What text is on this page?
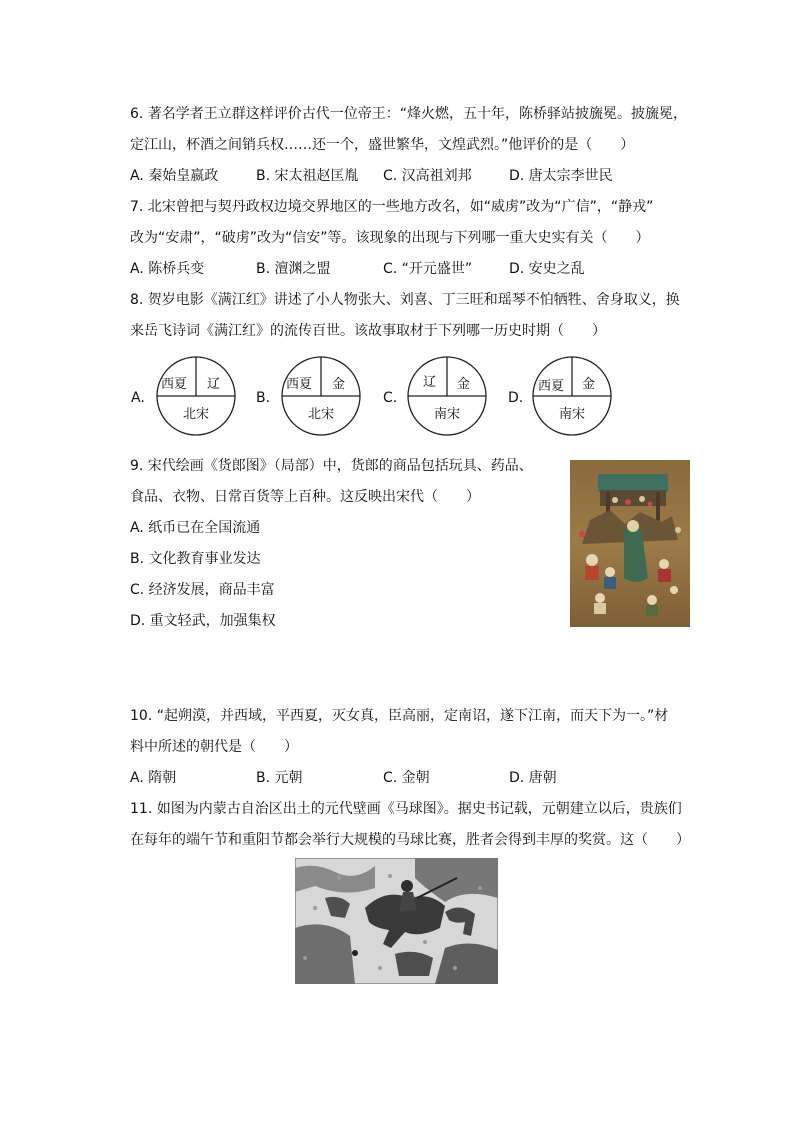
6. 著名学者王立群这样评价古代一位帝王：“烽火燃，五十年，陈桥驿站披旒冕。披旒冕，
定江山，杯酒之间销兵权……还一个，盛世繁华，文煌武烈。”他评价的是（　　）
A. 秦始皇嬴政	B. 宋太祖赵匡胤 C. 汉高祖刘邦	D. 唐太宗李世民
7. 北宋曾把与契丹政权边境交界地区的一些地方改名，如“威虏”改为“广信”，“静戎”
改为“安肃”，“破虏”改为“信安”等。该现象的出现与下列哪一重大史实有关（　　）
A. 陈桥兵变	B. 澶渊之盟	C. “开元盛世”	D. 安史之乱
8. 贺岁电影《满江红》讲述了小人物张大、刘喜、丁三旺和瑶琴不怕牺牲、舍身取义，换
来岳飞诗词《满江红》的流传百世。该故事取材于下列哪一历史时期（　　）
A.
西夏 辽
北宋
B.
西夏 金
北宋
C.
辽 金
南宋
D.
西夏 金
南宋
9. 宋代绘画《货郎图》（局部）中，货郎的商品包括玩具、药品、
食品、衣物、日常百货等上百种。这反映出宋代（　　）
A. 纸币已在全国流通
B. 文化教育事业发达
C. 经济发展，商品丰富
D. 重文轻武，加强集权
10. “起朔漠，并西域，平西夏，灭女真，臣高丽，定南诏，遂下江南，而天下为一。”材
料中所述的朝代是（　　）
A. 隋朝	B. 元朝	C. 金朝	D. 唐朝
11. 如图为内蒙古自治区出土的元代壁画《马球图》。据史书记载，元朝建立以后，贵族们
在每年的端午节和重阳节都会举行大规模的马球比赛，胜者会得到丰厚的奖赏。这（　　）
